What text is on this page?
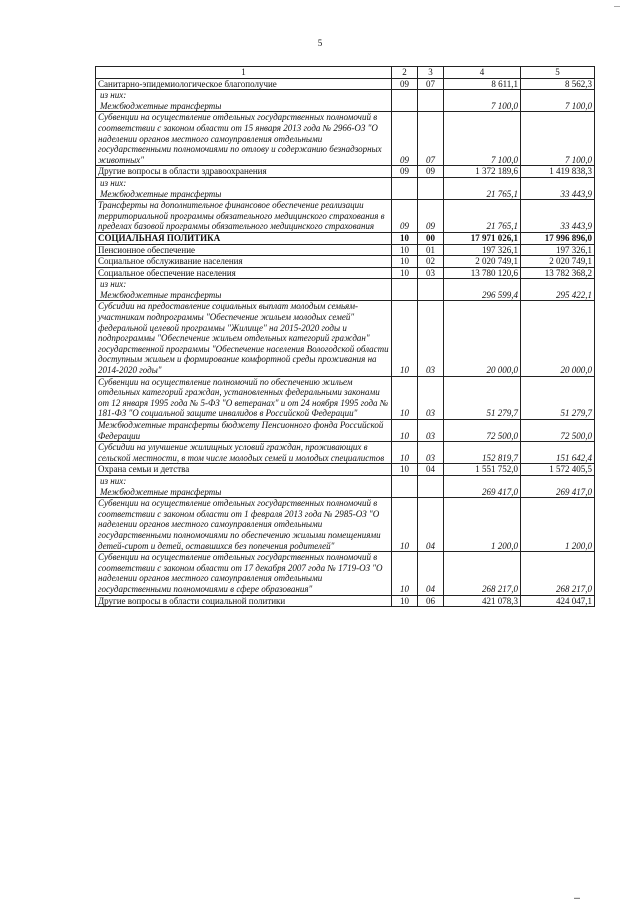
...
5
1	2	3	4	5
Санитарно-эпидемиологическое благополучие	09	07	8 611,1	8 562,3
из них:
Межбюджетные трансферты			7 100,0	7 100,0
Субвенции на осуществление отдельных государственных полномочий в соответствии с законом области от 15 января 2013 года № 2966-ОЗ "О наделении органов местного самоуправления отдельными государственными полномочиями по отлову и содержанию безнадзорных животных"	09	07	7 100,0	7 100,0
Другие вопросы в области здравоохранения	09	09	1 372 189,6	1 419 838,3
из них:
Межбюджетные трансферты			21 765,1	33 443,9
Трансферты на дополнительное финансовое обеспечение реализации территориальной программы обязательного медицинского страхования в пределах базовой программы обязательного медицинского страхования	09	09	21 765,1	33 443,9
СОЦИАЛЬНАЯ ПОЛИТИКА	10	00	17 971 026,1	17 996 896,0
Пенсионное обеспечение	10	01	197 326,1	197 326,1
Социальное обслуживание населения	10	02	2 020 749,1	2 020 749,1
Социальное обеспечение населения	10	03	13 780 120,6	13 782 368,2
из них:
Межбюджетные трансферты			296 599,4	295 422,1
Субсидии на предоставление социальных выплат молодым семьям-участникам подпрограммы "Обеспечение жильем молодых семей" федеральной целевой программы "Жилище" на 2015-2020 годы и подпрограммы "Обеспечение жильем отдельных категорий граждан" государственной программы "Обеспечение населения Вологодской области доступным жильем и формирование комфортной среды проживания на 2014-2020 годы"	10	03	20 000,0	20 000,0
Субвенции на осуществление полномочий по обеспечению жильем отдельных категорий граждан, установленных федеральными законами от 12 января 1995 года № 5-ФЗ "О ветеранах" и от 24 ноября 1995 года № 181-ФЗ "О социальной защите инвалидов в Российской Федерации"	10	03	51 279,7	51 279,7
Межбюджетные трансферты бюджету Пенсионного фонда Российской Федерации	10	03	72 500,0	72 500,0
Субсидии на улучшение жилищных условий граждан, проживающих в сельской местности, в том числе молодых семей и молодых специалистов	10	03	152 819,7	151 642,4
Охрана семьи и детства	10	04	1 551 752,0	1 572 405,5
из них:
Межбюджетные трансферты			269 417,0	269 417,0
Субвенции на осуществление отдельных государственных полномочий в соответствии с законом области от 1 февраля 2013 года № 2985-ОЗ "О наделении органов местного самоуправления отдельными государственными полномочиями по обеспечению жилыми помещениями детей-сирот и детей, оставшихся без попечения родителей"	10	04	1 200,0	1 200,0
Субвенции на осуществление отдельных государственных полномочий в соответствии с законом области от 17 декабря 2007 года № 1719-ОЗ "О наделении органов местного самоуправления отдельными государственными полномочиями в сфере образования"	10	04	268 217,0	268 217,0
Другие вопросы в области социальной политики	10	06	421 078,3	424 047,1
...
